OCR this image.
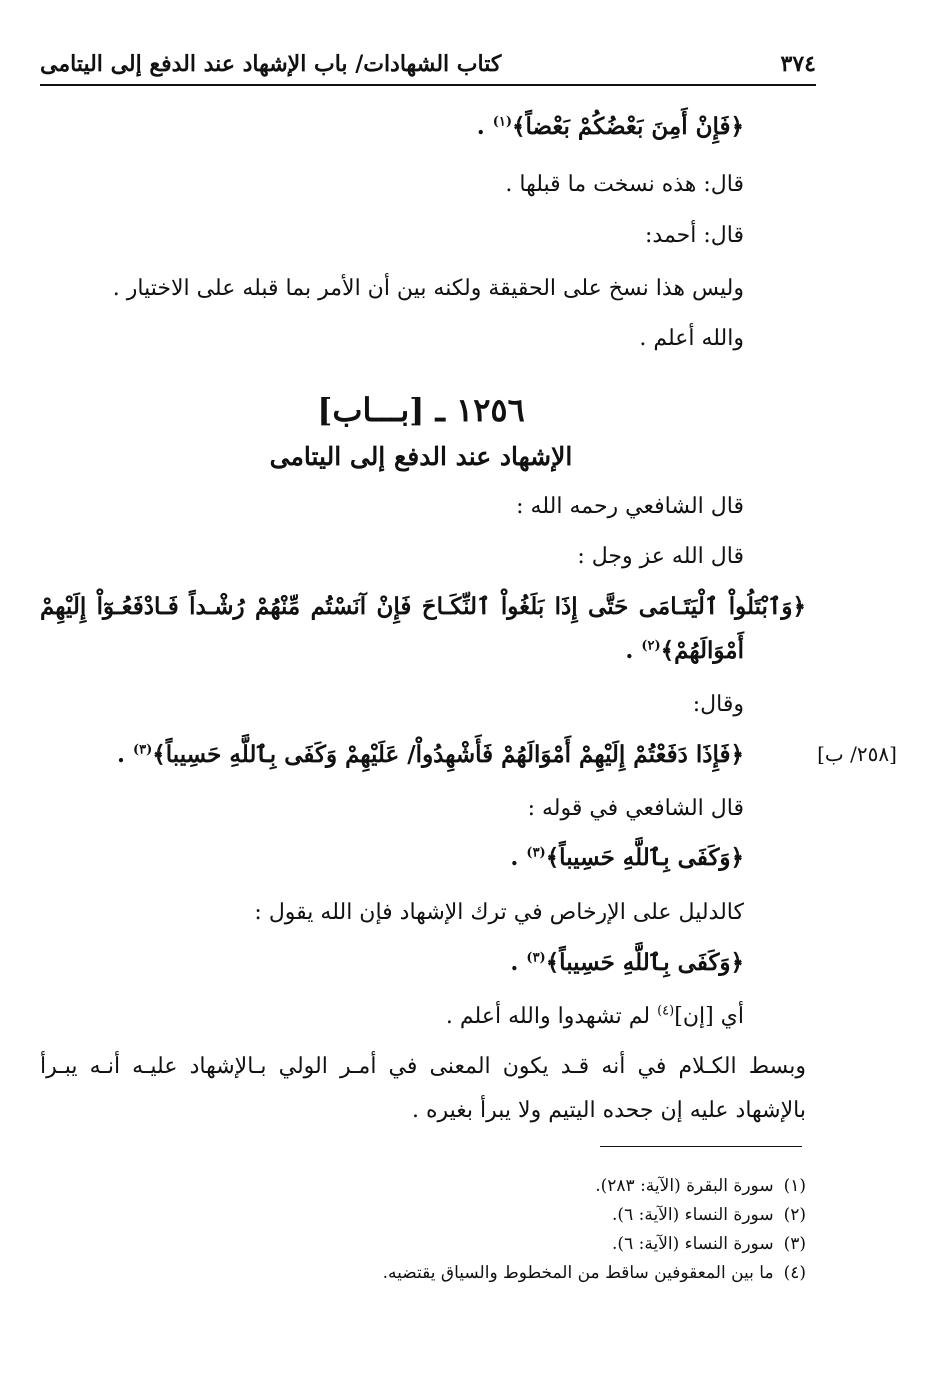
٣٧٤
كتاب الشهادات/ باب الإشهاد عند الدفع إلى اليتامى
﴿فَإِنْ أَمِنَ بَعْضُكُمْ بَعْضاً﴾$^{(١)}$ .
قال: هذه نسخت ما قبلها .
قال: أحمد:
وليس هذا نسخ على الحقيقة ولكنه بين أن الأمر بما قبله على الاختيار .
والله أعلم .
١٢٥٦ ـ [بـــاب]
الإشهاد عند الدفع إلى اليتامى
قال الشافعي رحمه الله :
قال الله عز وجل :
﴿وَٱبْتَلُواْ ٱلْيَتَـامَى حَتَّى إِذَا بَلَغُواْ ٱلنِّكَـاحَ فَإِنْ آنَسْتُم مِّنْهُمْ رُشْـداً فَـادْفَعُـوٓاْ إِلَيْهِمْ
أَمْوَالَهُمْ﴾$^{(٢)}$ .
وقال:
﴿فَإِذَا دَفَعْتُمْ إِلَيْهِمْ أَمْوَالَهُمْ فَأَشْهِدُواْ/ عَلَيْهِمْ وَكَفَى بِٱللَّهِ حَسِيباً﴾$^{(٣)}$ .	[٢٥٨/ ب]
قال الشافعي في قوله :
﴿وَكَفَى بِٱللَّهِ حَسِيباً﴾$^{(٣)}$ .
كالدليل على الإرخاص في ترك الإشهاد فإن الله يقول :
﴿وَكَفَى بِٱللَّهِ حَسِيباً﴾$^{(٣)}$ .
أي [إن]$^{(٤)}$ لم تشهدوا والله أعلم .
وبسط الكـلام في أنه قـد يكون المعنى في أمـر الولي بـالإشهاد عليـه أنـه يبـرأ
بالإشهاد عليه إن جحده اليتيم ولا يبرأ بغيره .
(١)سورة البقرة (الآية: ٢٨٣).
(٢)سورة النساء (الآية: ٦).
(٣)سورة النساء (الآية: ٦).
(٤)ما بين المعقوفين ساقط من المخطوط والسياق يقتضيه.
